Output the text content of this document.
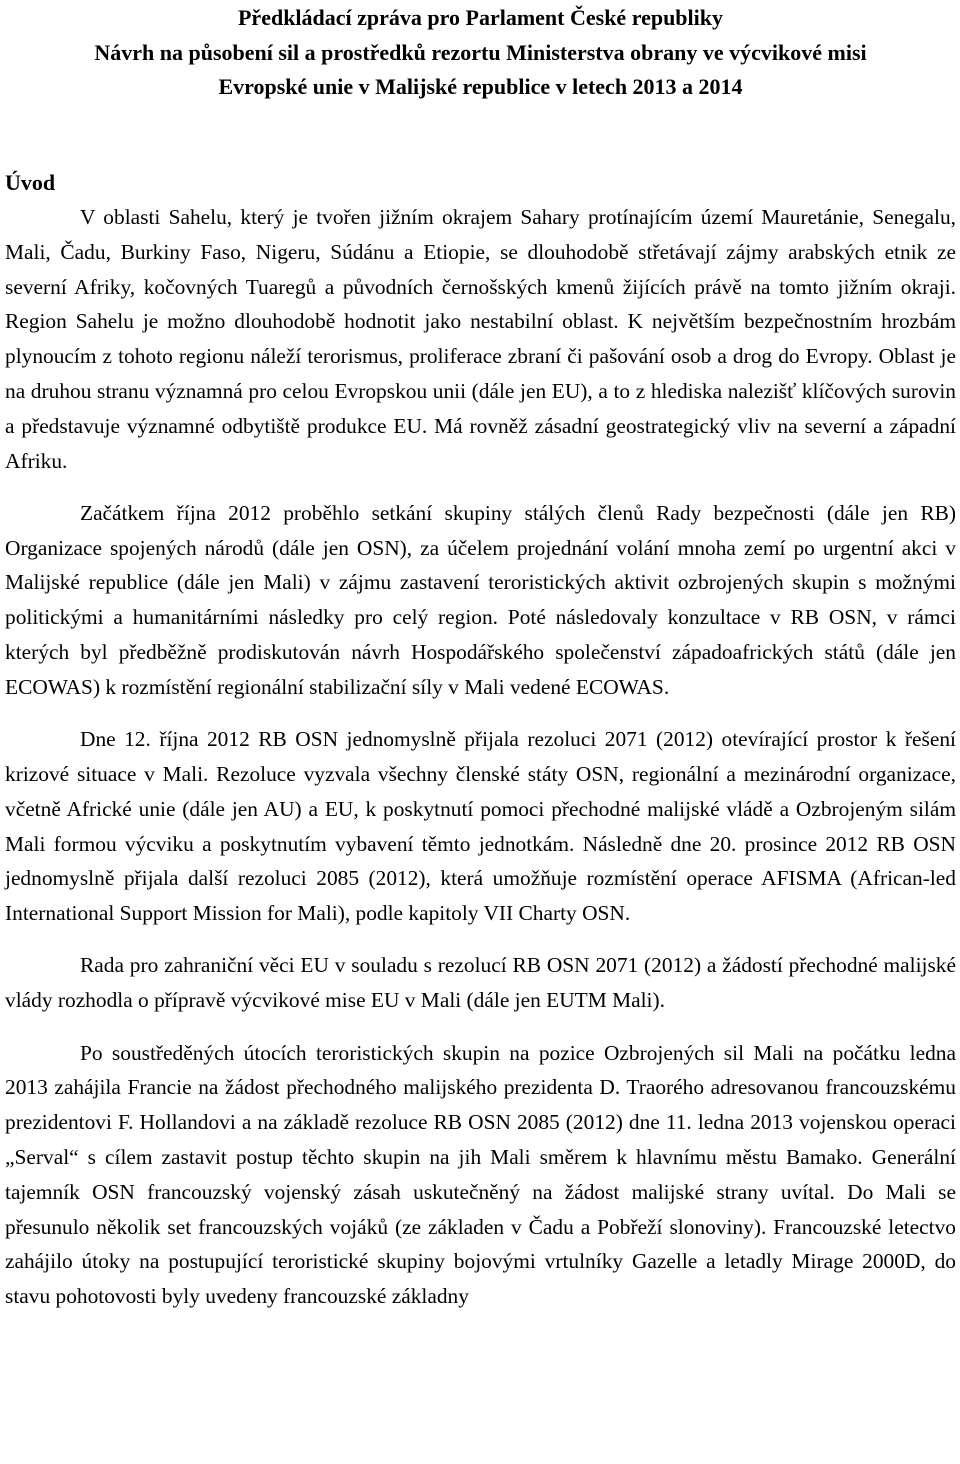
Předkládací zpráva pro Parlament České republiky
Návrh na působení sil a prostředků rezortu Ministerstva obrany ve výcvikové misi
Evropské unie v Malijské republice v letech 2013 a 2014
Úvod

V oblasti Sahelu, který je tvořen jižním okrajem Sahary protínajícím území Mauretánie, Senegalu, Mali, Čadu, Burkiny Faso, Nigeru, Súdánu a Etiopie, se dlouhodobě střetávají zájmy arabských etnik ze severní Afriky, kočovných Tuaregů a původních černošských kmenů žijících právě na tomto jižním okraji. Region Sahelu je možno dlouhodobě hodnotit jako nestabilní oblast. K největším bezpečnostním hrozbám plynoucím z tohoto regionu náleží terorismus, proliferace zbraní či pašování osob a drog do Evropy. Oblast je na druhou stranu významná pro celou Evropskou unii (dále jen EU), a to z hlediska nalezišť klíčových surovin a představuje významné odbytiště produkce EU. Má rovněž zásadní geostrategický vliv na severní a západní Afriku.

Začátkem října 2012 proběhlo setkání skupiny stálých členů Rady bezpečnosti (dále jen RB) Organizace spojených národů (dále jen OSN), za účelem projednání volání mnoha zemí po urgentní akci v Malijské republice (dále jen Mali) v zájmu zastavení teroristických aktivit ozbrojených skupin s možnými politickými a humanitárními následky pro celý region. Poté následovaly konzultace v RB OSN, v rámci kterých byl předběžně prodiskutován návrh Hospodářského společenství západoafrických států (dále jen ECOWAS) k rozmístění regionální stabilizační síly v Mali vedené ECOWAS.

Dne 12. října 2012 RB OSN jednomyslně přijala rezoluci 2071 (2012) otevírající prostor k řešení krizové situace v Mali. Rezoluce vyzvala všechny členské státy OSN, regionální a mezinárodní organizace, včetně Africké unie (dále jen AU) a EU, k poskytnutí pomoci přechodné malijské vládě a Ozbrojeným silám Mali formou výcviku a poskytnutím vybavení těmto jednotkám. Následně dne 20. prosince 2012 RB OSN jednomyslně přijala další rezoluci 2085 (2012), která umožňuje rozmístění operace AFISMA (African-led International Support Mission for Mali), podle kapitoly VII Charty OSN.

Rada pro zahraniční věci EU v souladu s rezolucí RB OSN 2071 (2012) a žádostí přechodné malijské vlády rozhodla o přípravě výcvikové mise EU v Mali (dále jen EUTM Mali).

Po soustředěných útocích teroristických skupin na pozice Ozbrojených sil Mali na počátku ledna 2013 zahájila Francie na žádost přechodného malijského prezidenta D. Traorého adresovanou francouzskému prezidentovi F. Hollandovi a na základě rezoluce RB OSN 2085 (2012) dne 11. ledna 2013 vojenskou operaci „Serval“ s cílem zastavit postup těchto skupin na jih Mali směrem k hlavnímu městu Bamako. Generální tajemník OSN francouzský vojenský zásah uskutečněný na žádost malijské strany uvítal. Do Mali se přesunulo několik set francouzských vojáků (ze základen v Čadu a Pobřeží slonoviny). Francouzské letectvo zahájilo útoky na postupující teroristické skupiny bojovými vrtulníky Gazelle a letadly Mirage 2000D, do stavu pohotovosti byly uvedeny francouzské základny
